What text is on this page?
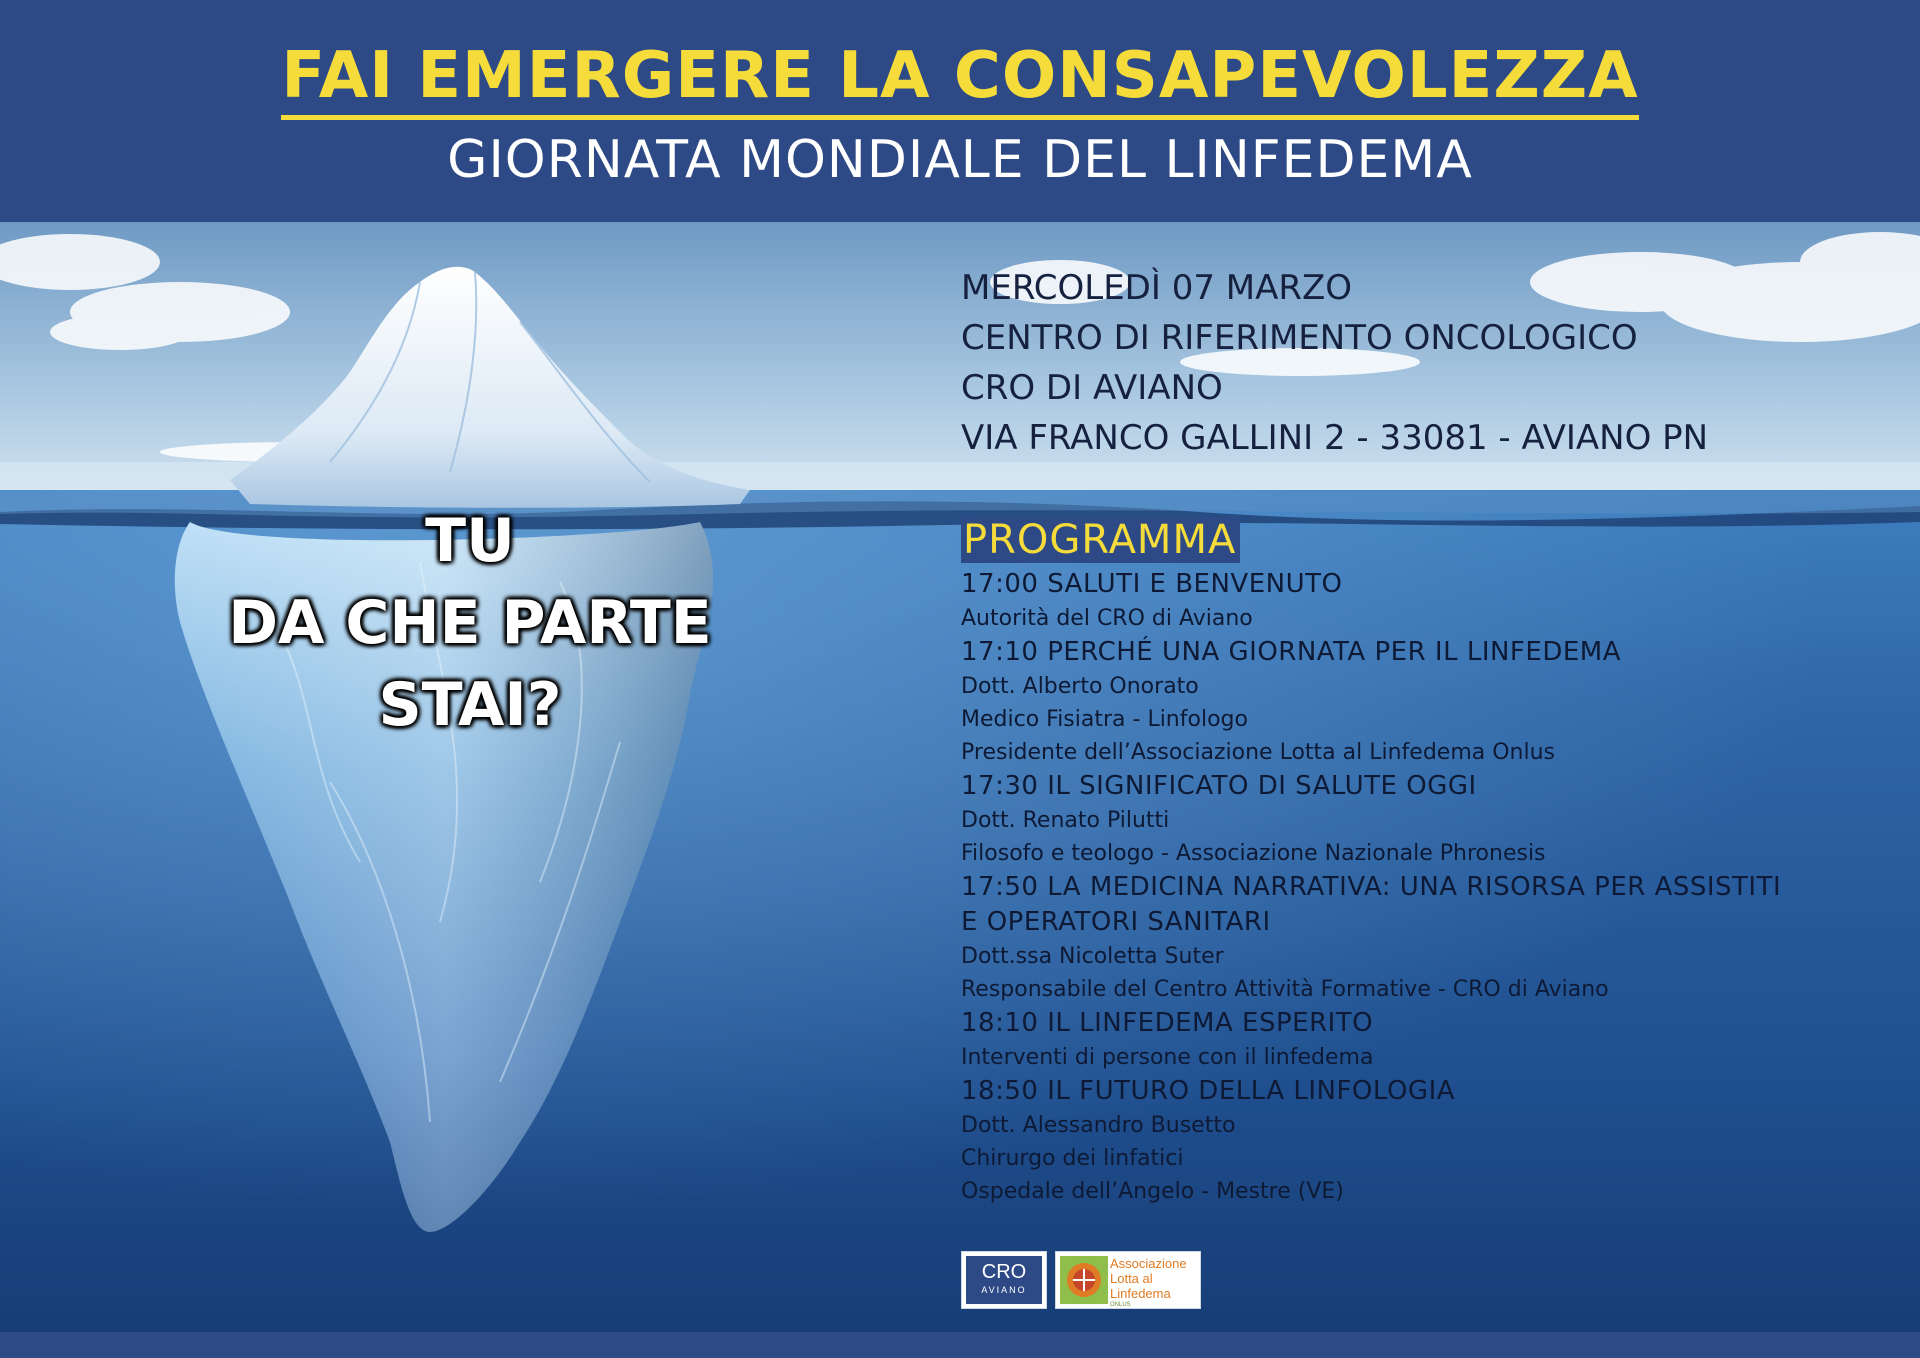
FAI EMERGERE LA CONSAPEVOLEZZA
GIORNATA MONDIALE DEL LINFEDEMA
TU
DA CHE PARTE
STAI?
MERCOLEDÌ 07 MARZO
CENTRO DI RIFERIMENTO ONCOLOGICO
CRO DI AVIANO
VIA FRANCO GALLINI 2 - 33081 - AVIANO PN
PROGRAMMA
17:00 SALUTI E BENVENUTO
Autorità del CRO di Aviano
17:10 PERCHÉ UNA GIORNATA PER IL LINFEDEMA
Dott. Alberto Onorato
Medico Fisiatra - Linfologo
Presidente dell’Associazione Lotta al Linfedema Onlus
17:30 IL SIGNIFICATO DI SALUTE OGGI
Dott. Renato Pilutti
Filosofo e teologo - Associazione Nazionale Phronesis
17:50 LA MEDICINA NARRATIVA: UNA RISORSA PER ASSISTITI
E OPERATORI SANITARI
Dott.ssa Nicoletta Suter
Responsabile del Centro Attività Formative - CRO di Aviano
18:10 IL LINFEDEMA ESPERITO
Interventi di persone con il linfedema
18:50 IL FUTURO DELLA LINFOLOGIA
Dott. Alessandro Busetto
Chirurgo dei linfatici
Ospedale dell’Angelo - Mestre (VE)
CRO
AVIANO
Associazione
Lotta al
Linfedema
ONLUS
